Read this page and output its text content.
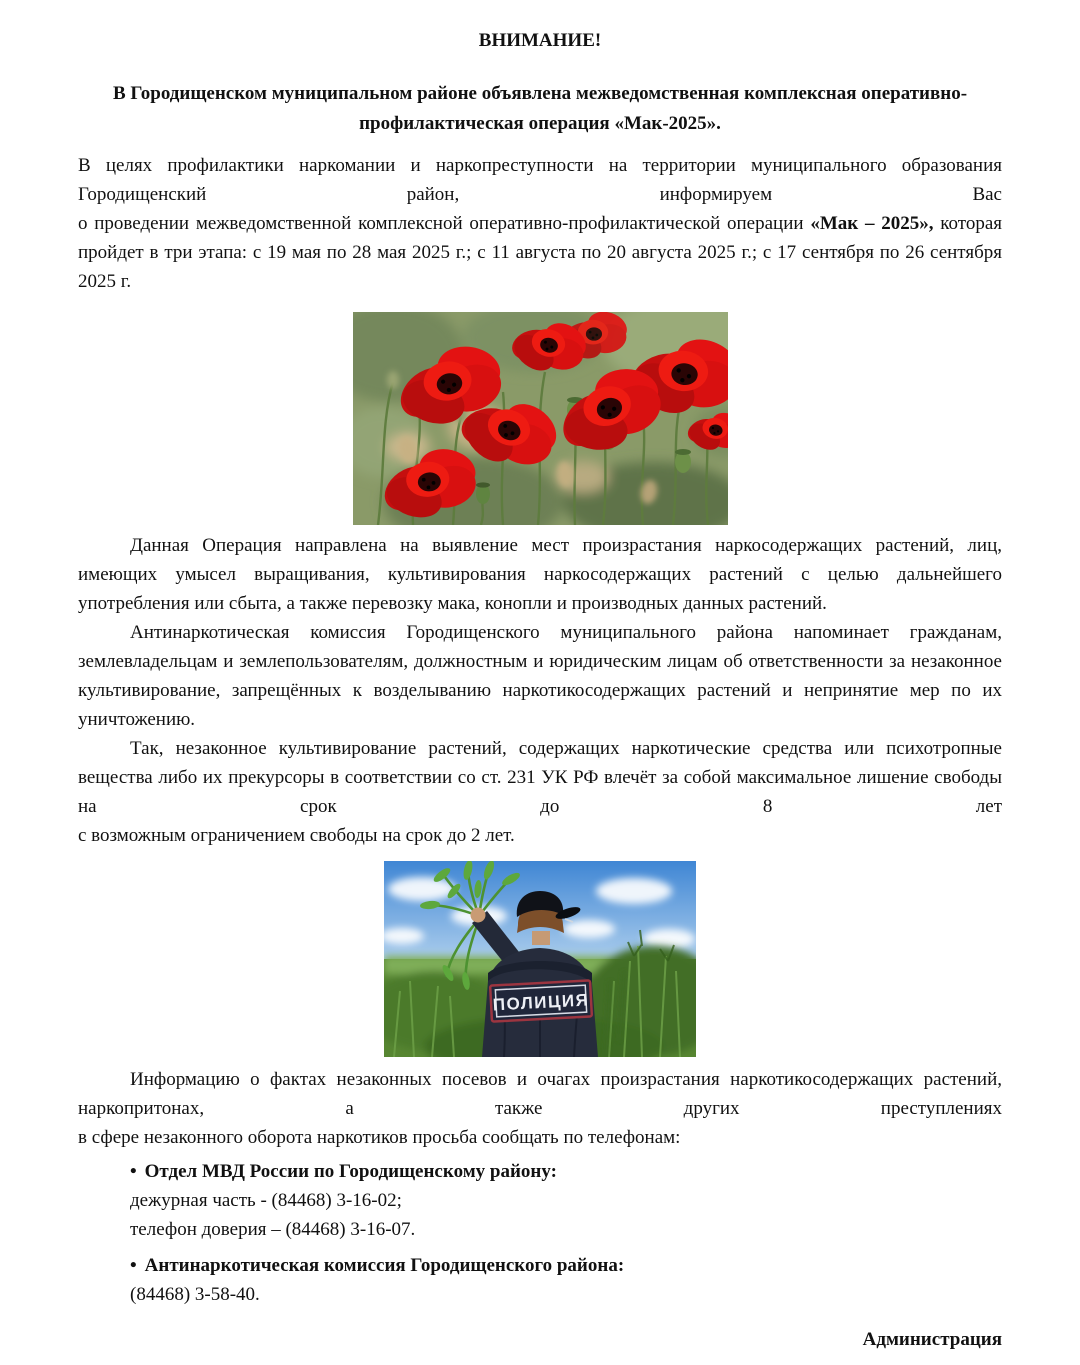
ВНИМАНИЕ!
В Городищенском муниципальном районе объявлена межведомственная комплексная оперативно-
профилактическая операция «Мак-2025».
В целях профилактики наркомании и наркопреступности на территории муниципального образования
Городищенский район, информируем Вас
о проведении межведомственной комплексной оперативно-профилактической операции «Мак – 2025», которая
пройдет в три этапа: с 19 мая по 28 мая 2025 г.; с 11 августа по 20 августа 2025 г.; с 17 сентября по 26 сентября
2025 г.
Данная Операция направлена на выявление мест произрастания наркосодержащих растений, лиц,
имеющих умысел выращивания, культивирования наркосодержащих растений с целью дальнейшего
употребления или сбыта, а также перевозку мака, конопли и производных данных растений.
Антинаркотическая комиссия Городищенского муниципального района напоминает гражданам,
землевладельцам и землепользователям, должностным и юридическим лицам об ответственности за незаконное
культивирование, запрещённых к возделыванию наркотикосодержащих растений и непринятие мер по их
уничтожению.
Так, незаконное культивирование растений, содержащих наркотические средства или психотропные
вещества либо их прекурсоры в соответствии со ст. 231 УК РФ влечёт за собой максимальное лишение свободы
на срок до 8 лет
с возможным ограничением свободы на срок до 2 лет.
ПОЛИЦИЯ
Информацию о фактах незаконных посевов и очагах произрастания наркотикосодержащих растений,
наркопритонах, а также других преступлениях
в сфере незаконного оборота наркотиков просьба сообщать по телефонам:
• Отдел МВД России по Городищенскому району:
дежурная часть - (84468) 3-16-02;
телефон доверия – (84468) 3-16-07.
• Антинаркотическая комиссия Городищенского района:
(84468) 3-58-40.
Администрация
